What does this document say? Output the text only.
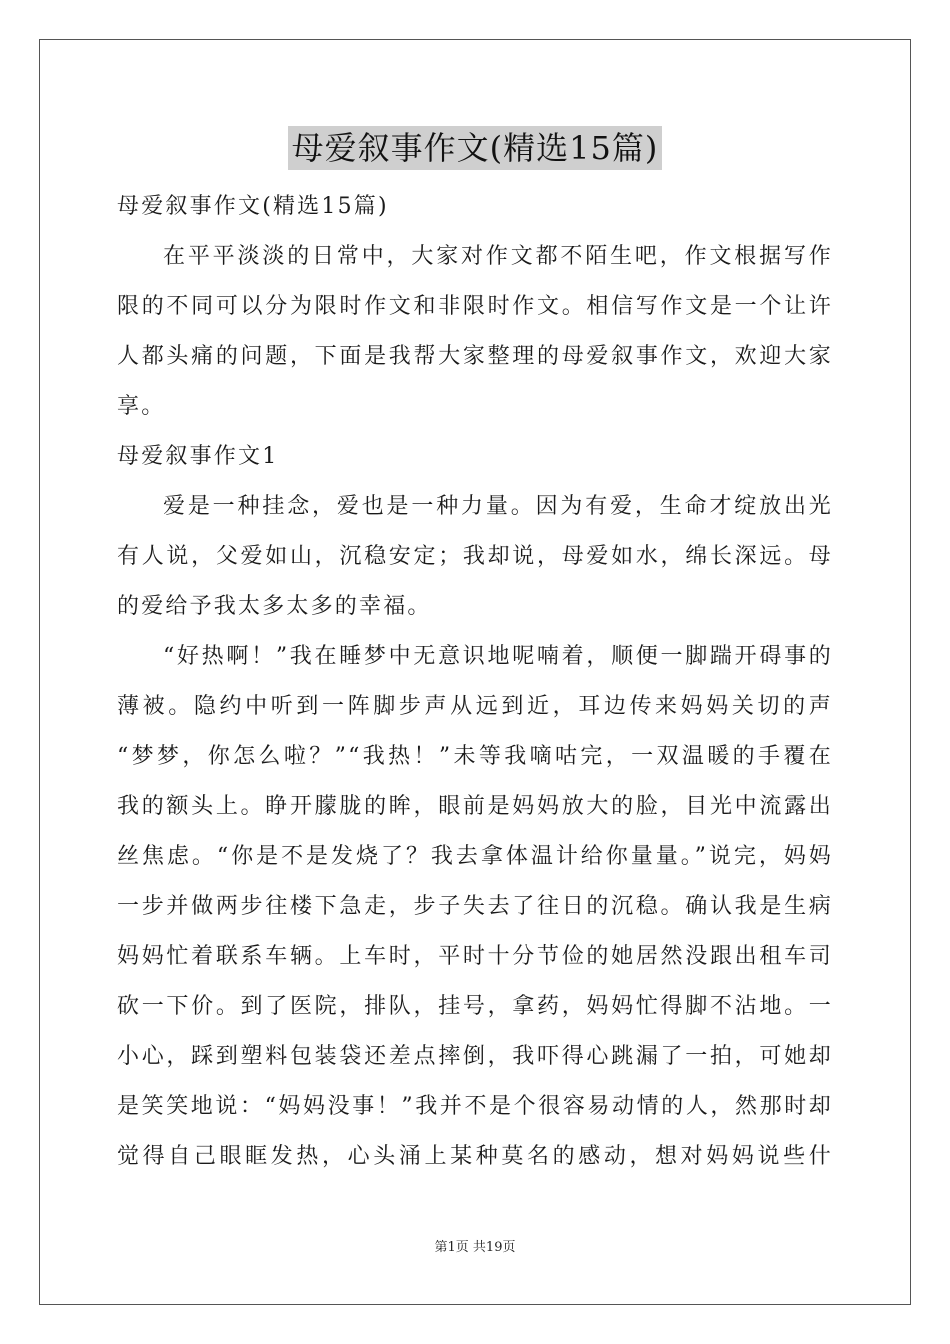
母爱叙事作文(精选15篇)
母爱叙事作文(精选15篇)
在平平淡淡的日常中，大家对作文都不陌生吧，作文根据写作
限的不同可以分为限时作文和非限时作文。相信写作文是一个让许
人都头痛的问题，下面是我帮大家整理的母爱叙事作文，欢迎大家
享。
母爱叙事作文1
爱是一种挂念，爱也是一种力量。因为有爱，生命才绽放出光
有人说，父爱如山，沉稳安定；我却说，母爱如水，绵长深远。母
的爱给予我太多太多的幸福。
“好热啊！”我在睡梦中无意识地呢喃着，顺便一脚踹开碍事的
薄被。隐约中听到一阵脚步声从远到近，耳边传来妈妈关切的声
“梦梦，你怎么啦？”“我热！”未等我嘀咕完，一双温暖的手覆在
我的额头上。睁开朦胧的眸，眼前是妈妈放大的脸，目光中流露出
丝焦虑。“你是不是发烧了？我去拿体温计给你量量。”说完，妈妈
一步并做两步往楼下急走，步子失去了往日的沉稳。确认我是生病
妈妈忙着联系车辆。上车时，平时十分节俭的她居然没跟出租车司
砍一下价。到了医院，排队，挂号，拿药，妈妈忙得脚不沾地。一
小心，踩到塑料包装袋还差点摔倒，我吓得心跳漏了一拍，可她却
是笑笑地说：“妈妈没事！”我并不是个很容易动情的人，然那时却
觉得自己眼眶发热，心头涌上某种莫名的感动，想对妈妈说些什
第1页 共19页
